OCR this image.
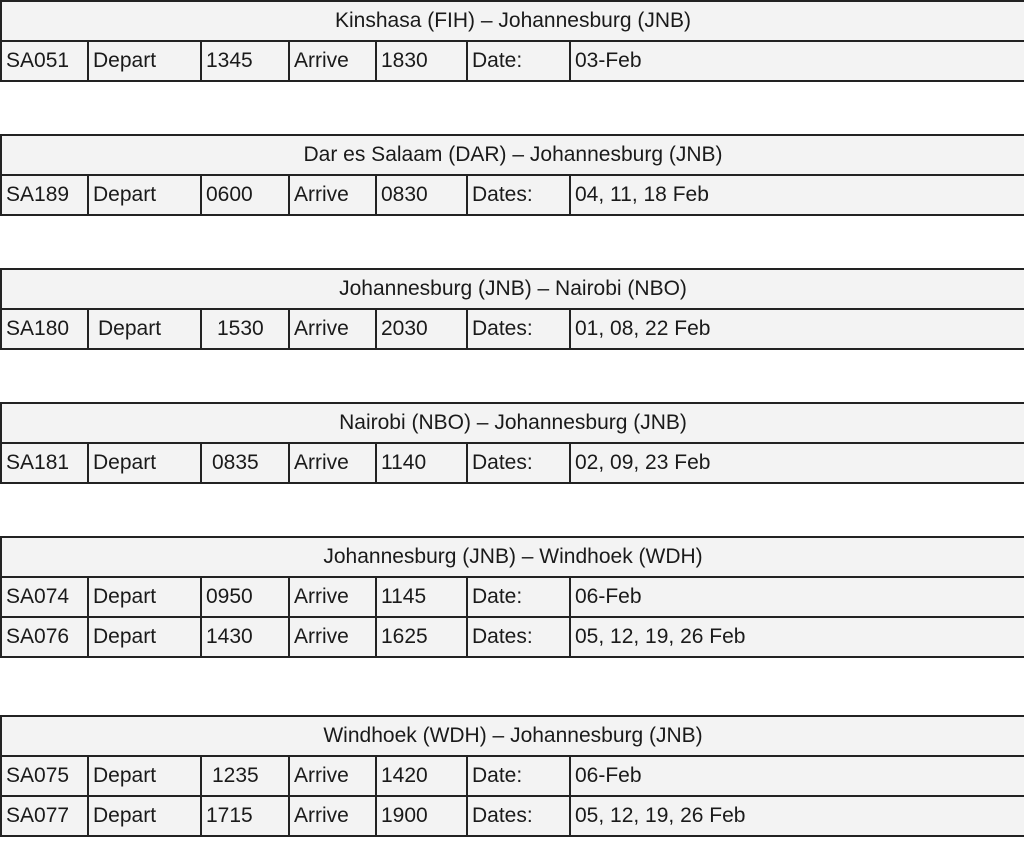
Kinshasa (FIH) – Johannesburg (JNB)
SA051	Depart	1345	Arrive	1830	Date:	03-Feb
Dar es Salaam (DAR) – Johannesburg (JNB)
SA189	Depart	0600	Arrive	0830	Dates:	04, 11, 18 Feb
Johannesburg (JNB) – Nairobi (NBO)
SA180	Depart	1530	Arrive	2030	Dates:	01, 08, 22 Feb
Nairobi (NBO) – Johannesburg (JNB)
SA181	Depart	0835	Arrive	1140	Dates:	02, 09, 23 Feb
Johannesburg (JNB) – Windhoek (WDH)						
SA074	Depart	0950	Arrive	1145	Date:	06-Feb
SA076	Depart	1430	Arrive	1625	Dates:	05, 12, 19, 26 Feb
Windhoek (WDH) – Johannesburg (JNB)						
SA075	Depart	1235	Arrive	1420	Date:	06-Feb
SA077	Depart	1715	Arrive	1900	Dates:	05, 12, 19, 26 Feb
